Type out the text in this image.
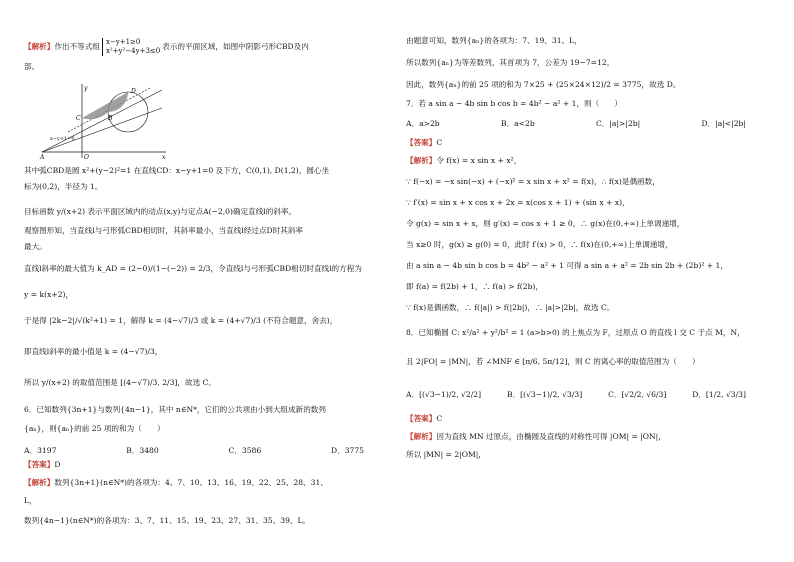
【解析】作出不等式组 x−y+1≥0
x²+y²−4y+3≤0 表示的平面区域，如图中阴影弓形CBD及内
部。
y
x
A	O
C
D
B
x−y+1=0
其中弧CBD是圆 x²+(y−2)²=1 在直线CD：x−y+1=0 及下方，C(0,1), D(1,2)，圆心坐
标为(0,2)，半径为 1。
目标函数 y/(x+2) 表示平面区域内的动点(x,y)与定点A(−2,0)确定直线l的斜率。
观察图形知，当直线l与弓形弧CBD相切时，其斜率最小，当直线l经过点D时其斜率
最大。
直线l斜率的最大值为 k_AD = (2−0)/(1−(−2)) = 2/3，令直线l与弓形弧CBD相切时直线l的方程为
y = k(x+2)，
于是得 |2k−2|/√(k²+1) = 1，解得 k = (4−√7)/3 或 k = (4+√7)/3 (不符合题意，舍去)，
即直线l斜率的最小值是 k = (4−√7)/3，
所以 y/(x+2) 的取值范围是 [(4−√7)/3, 2/3]，故选 C。
6．已知数列{3n+1}与数列{4n−1}，其中 n∈N*，它们的公共项由小到大组成新的数列
{aₙ}，则{aₙ}的前 25 项的和为（　　）
A．3197	B．3480	C．3586	D．3775
【答案】D
【解析】数列{3n+1}(n∈N*)的各项为：4、7、10、13、16、19、22、25、28、31、
L，
数列{4n−1}(n∈N*)的各项为：3、7、11、15、19、23、27、31、35、39、L。
由题意可知，数列{aₙ}的各项为：7、19、31、L，
所以数列{aₙ}为等差数列，其首项为 7，公差为 19−7=12，
因此，数列{aₙ}的前 25 项的和为 7×25 + (25×24×12)/2 = 3775，故选 D。
7．若 a sin a − 4b sin b cos b = 4b² − a² + 1，则（　　）
A．a>2b	B．a<2b	C．|a|>|2b|	D．|a|<|2b|
【答案】C
【解析】令 f(x) = x sin x + x²，
∵ f(−x) = −x sin(−x) + (−x)² = x sin x + x² = f(x)，∴ f(x)是偶函数，
∵ f′(x) = sin x + x cos x + 2x = x(cos x + 1) + (sin x + x)，
令 g(x) = sin x + x，则 g′(x) = cos x + 1 ≥ 0，∴ g(x)在(0,+∞)上单调递增，
当 x≥0 时，g(x) ≥ g(0) = 0，此时 f′(x) > 0，∴ f(x)在(0,+∞)上单调递增，
由 a sin a − 4b sin b cos b = 4b² − a² + 1 可得 a sin a + a² = 2b sin 2b + (2b)² + 1，
即 f(a) = f(2b) + 1，∴ f(a) > f(2b)，
∵ f(x)是偶函数，∴ f(|a|) > f(|2b|)，∴ |a|>|2b|，故选 C。
8．已知椭圆 C: x²/a² + y²/b² = 1 (a>b>0) 的上焦点为 F，过原点 O 的直线 l 交 C 于点 M，N，
且 2|FO| = |MN|，若 ∠MNF ∈ [π/6, 5π/12]，则 C 的离心率的取值范围为（　　）
A．[(√3−1)/2, √2/2]	B．[(√3−1)/2, √3/3]	C．[√2/2, √6/3]	D．[1/2, √3/3]
【答案】C
【解析】因为直线 MN 过原点，由椭圆及直线的对称性可得 |OM| = |ON|，
所以 |MN| = 2|OM|，
